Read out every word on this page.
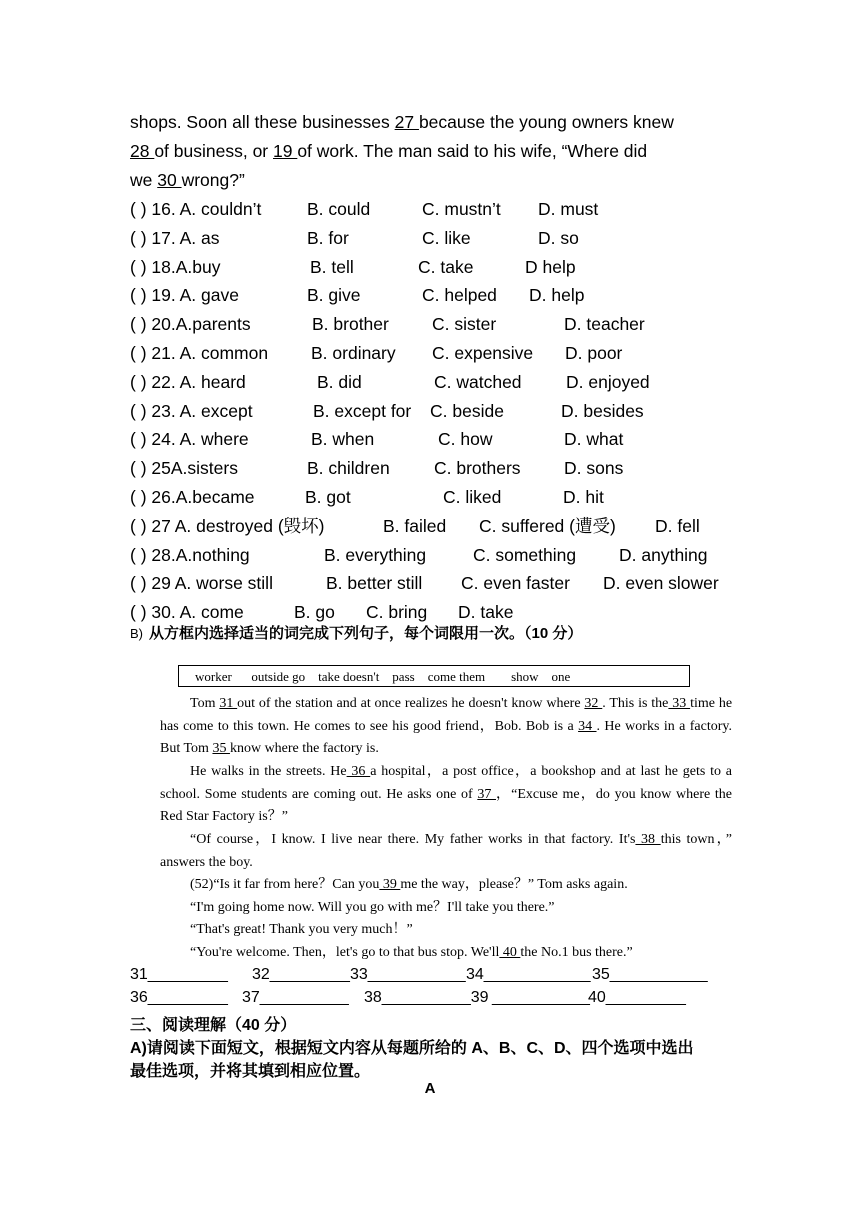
shops. Soon all these businesses 27 because the young owners knew
28 of business, or 19 of work. The man said to his wife, “Where did
we 30 wrong?”
( ) 16. A. couldn’t	B. could	C. mustn’t D. must
( ) 17. A. as	B. for	C. like	D. so
( ) 18.A.buy	B. tell	C. take	D help
( ) 19. A. gave	B. give	C. helped D. help
( ) 20.A.parents	B. brother C. sister	D. teacher
( ) 21. A. common B. ordinary C. expensive D. poor
( ) 22. A. heard	B. did	C. watched	D. enjoyed
( ) 23. A. except	B. except for C. beside	D. besides
( ) 24. A. where	B. when	C. how	D. what
( ) 25A.sisters	B. children	C. brothers D. sons
( ) 26.A.became	B. got	C. liked	D. hit
( ) 27 A. destroyed (毁坏)	B. failed C. suffered (遭受) D. fell
( ) 28.A.nothing	B. everything	C. something D. anything
( ) 29 A. worse still	B. better still C. even faster D. even slower
( ) 30. A. come	B. go C. bring D. take
B) 从方框内选择适当的词完成下列句子，每个词限用一次。（10 分）
worker      outside go    take doesn't    pass    come them        show    one

Tom 31 out of the station and at once realizes he doesn't know where 32 . This is the 33 time he has come to this town. He comes to see his good friend，Bob. Bob is a 34 . He works in a factory. But Tom 35 know where the factory is.

He walks in the streets. He 36 a hospital，a post office，a bookshop and at last he gets to a school. Some students are coming out. He asks one of 37 ，“Excuse me，do you know where the Red Star Factory is？”

“Of course，I know. I live near there. My father works in that factory. It's 38 this town，” answers the boy.

(52)“Is it far from here？Can you 39 me the way，please？” Tom asks again.

“I'm going home now. Will you go with me？I'll take you there.”

“That's great! Thank you very much！”

“You're welcome. Then，let's go to that bus stop. We'll 40 the No.1 bus there.”

31_________ 32_________ 33___________ 34____________ 35___________
36_________ 37__________ 38__________39 ___________
40_________
三、阅读理解（40 分）
A)请阅读下面短文，根据短文内容从每题所给的 A、B、C、D、四个选项中选出
最佳选项，并将其填到相应位置。
A
